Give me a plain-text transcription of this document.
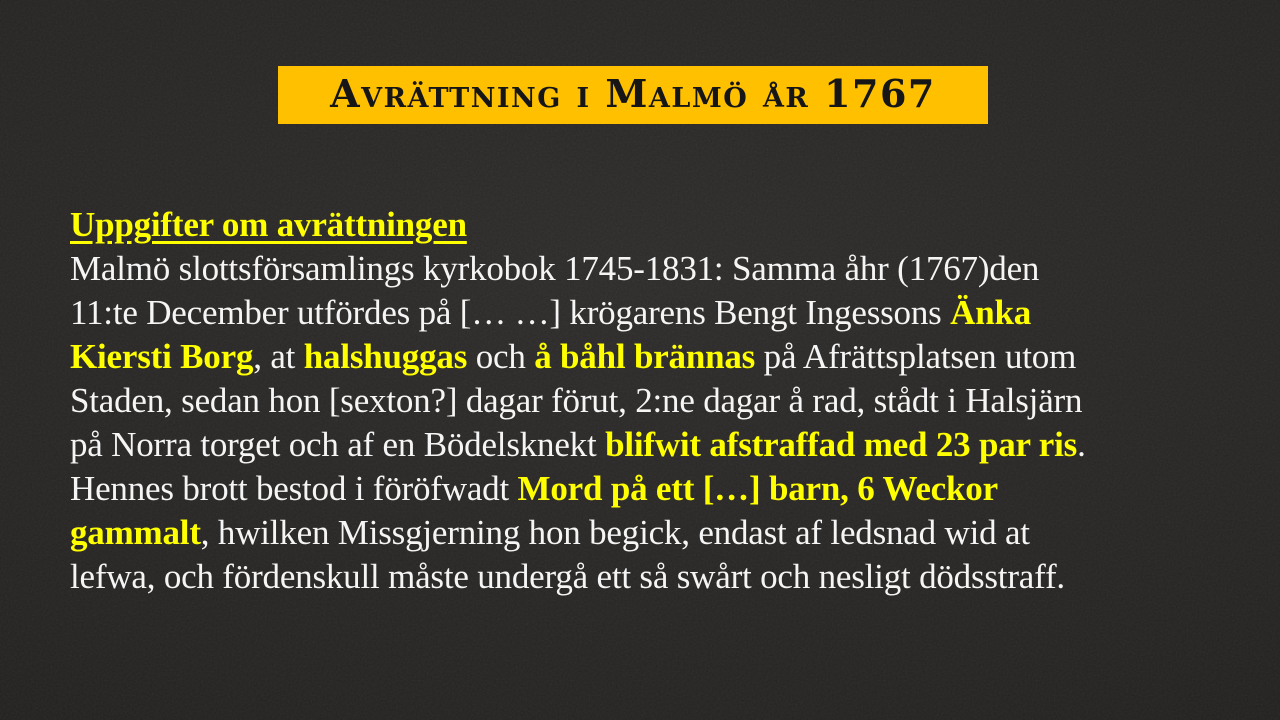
Avrättning i Malmö år 1767
Uppgifter om avrättningen
Malmö slottsförsamlings kyrkobok 1745-1831: Samma åhr (1767)den
11:te December utfördes på [… …] krögarens Bengt Ingessons Änka
Kiersti Borg, at halshuggas och å båhl brännas på Afrättsplatsen utom
Staden, sedan hon [sexton?] dagar förut, 2:ne dagar å rad, stådt i Halsjärn
på Norra torget och af en Bödelsknekt blifwit afstraffad med 23 par ris.
Hennes brott bestod i föröfwadt Mord på ett […] barn, 6 Weckor
gammalt, hwilken Missgjerning hon begick, endast af ledsnad wid at
lefwa, och fördenskull måste undergå ett så swårt och nesligt dödsstraff.
